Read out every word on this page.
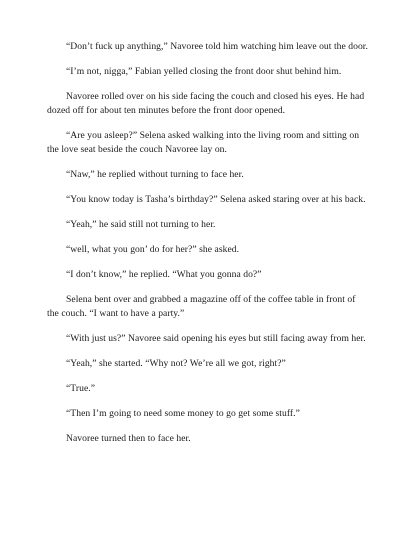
“Don’t fuck up anything,” Navoree told him watching him leave out the door.

“I’m not, nigga,” Fabian yelled closing the front door shut behind him.

Navoree rolled over on his side facing the couch and closed his eyes. He had dozed off for about ten minutes before the front door opened.

“Are you asleep?” Selena asked walking into the living room and sitting on the love seat beside the couch Navoree lay on.

“Naw,” he replied without turning to face her.

“You know today is Tasha’s birthday?” Selena asked staring over at his back.

“Yeah,” he said still not turning to her.

“well, what you gon’ do for her?” she asked.

“I don’t know,” he replied. “What you gonna do?”

Selena bent over and grabbed a magazine off of the coffee table in front of the couch. “I want to have a party.”

“With just us?” Navoree said opening his eyes but still facing away from her.

“Yeah,” she started. “Why not? We’re all we got, right?”

“True.”

“Then I’m going to need some money to go get some stuff.”

Navoree turned then to face her.
